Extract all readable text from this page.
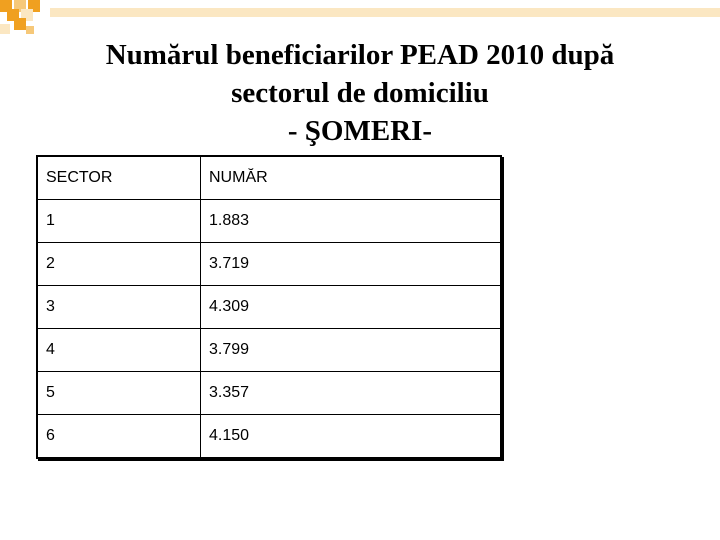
Numărul beneficiarilor PEAD 2010 după
sectorul de domiciliu
- ŞOMERI-
SECTOR	NUMĂR
1	1.883
2	3.719
3	4.309
4	3.799
5	3.357
6	4.150
